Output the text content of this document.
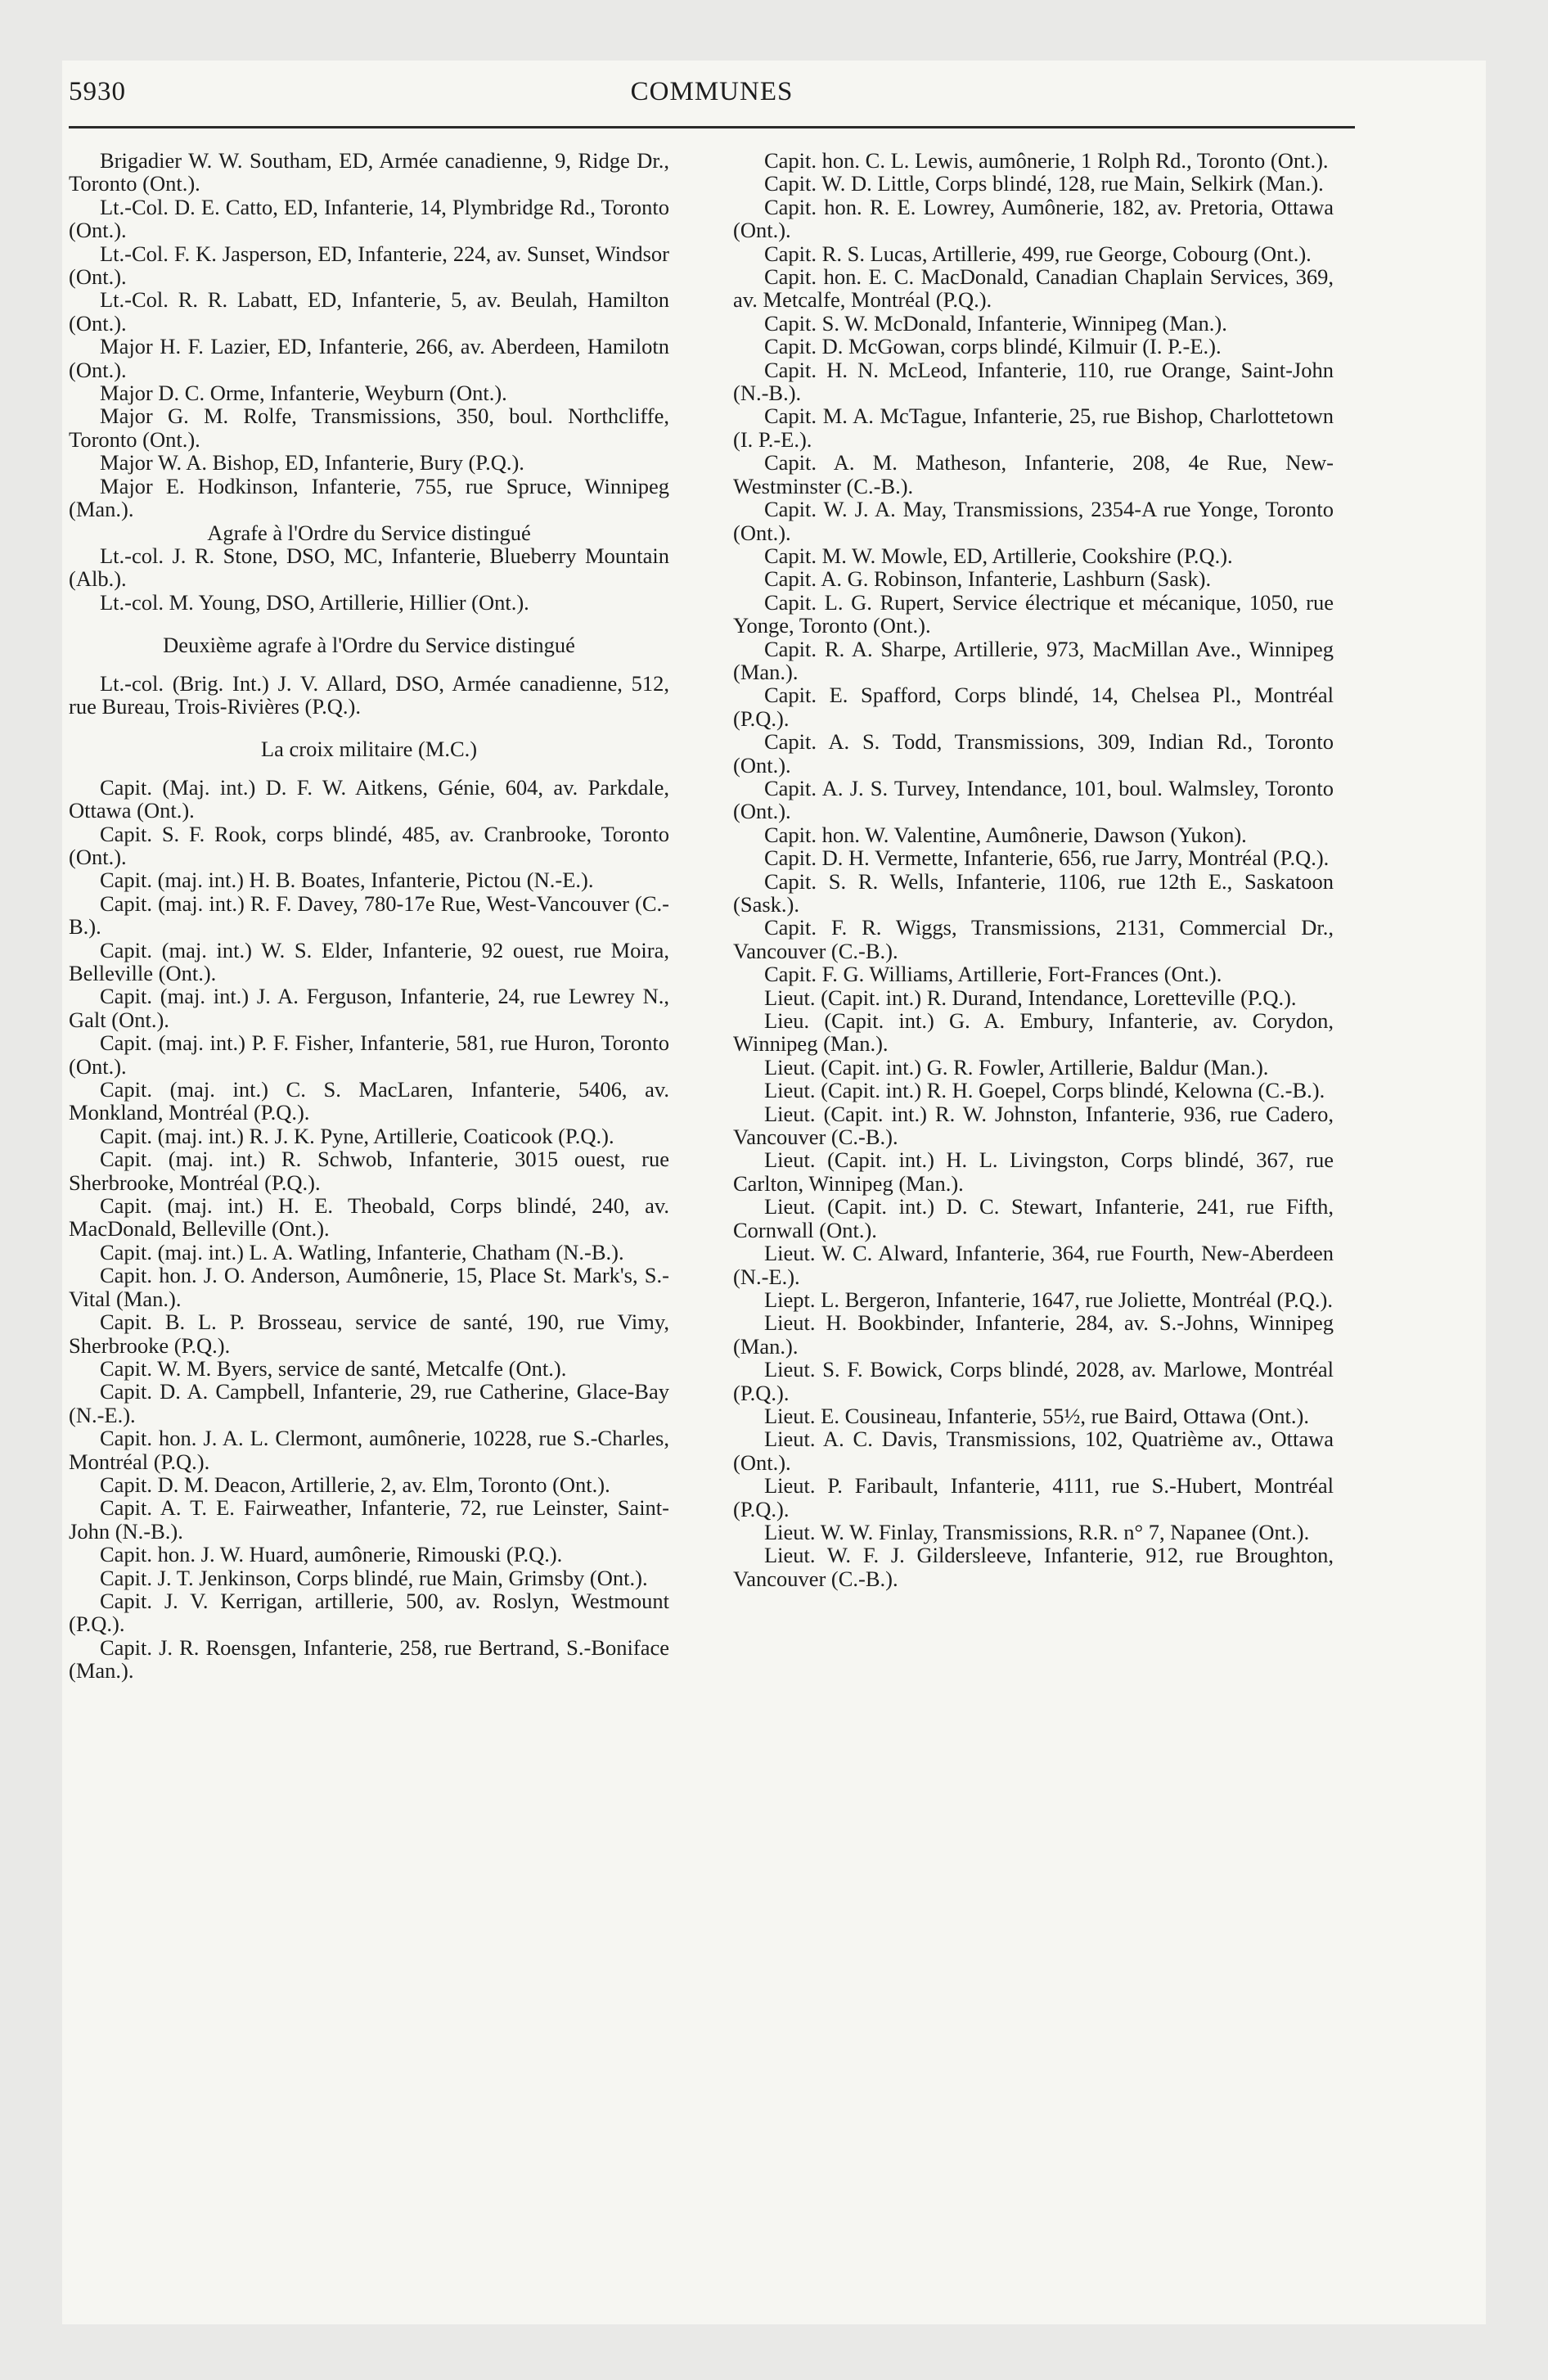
5930	COMMUNES

Brigadier W. W. Southam, ED, Armée canadienne, 9, Ridge Dr., Toronto (Ont.).

Lt.-Col. D. E. Catto, ED, Infanterie, 14, Plymbridge Rd., Toronto (Ont.).

Lt.-Col. F. K. Jasperson, ED, Infanterie, 224, av. Sunset, Windsor (Ont.).

Lt.-Col. R. R. Labatt, ED, Infanterie, 5, av. Beulah, Hamilton (Ont.).

Major H. F. Lazier, ED, Infanterie, 266, av. Aberdeen, Hamilotn (Ont.).

Major D. C. Orme, Infanterie, Weyburn (Ont.).

Major G. M. Rolfe, Transmissions, 350, boul. Northcliffe, Toronto (Ont.).

Major W. A. Bishop, ED, Infanterie, Bury (P.Q.).

Major E. Hodkinson, Infanterie, 755, rue Spruce, Winnipeg (Man.).

Agrafe à l'Ordre du Service distingué

Lt.-col. J. R. Stone, DSO, MC, Infanterie, Blueberry Mountain (Alb.).

Lt.-col. M. Young, DSO, Artillerie, Hillier (Ont.).

Deuxième agrafe à l'Ordre du Service distingué

Lt.-col. (Brig. Int.) J. V. Allard, DSO, Armée canadienne, 512, rue Bureau, Trois-Rivières (P.Q.).

La croix militaire (M.C.)

Capit. (Maj. int.) D. F. W. Aitkens, Génie, 604, av. Parkdale, Ottawa (Ont.).

Capit. S. F. Rook, corps blindé, 485, av. Cranbrooke, Toronto (Ont.).

Capit. (maj. int.) H. B. Boates, Infanterie, Pictou (N.-E.).

Capit. (maj. int.) R. F. Davey, 780-17e Rue, West-Vancouver (C.-B.).

Capit. (maj. int.) W. S. Elder, Infanterie, 92 ouest, rue Moira, Belleville (Ont.).

Capit. (maj. int.) J. A. Ferguson, Infanterie, 24, rue Lewrey N., Galt (Ont.).

Capit. (maj. int.) P. F. Fisher, Infanterie, 581, rue Huron, Toronto (Ont.).

Capit. (maj. int.) C. S. MacLaren, Infanterie, 5406, av. Monkland, Montréal (P.Q.).

Capit. (maj. int.) R. J. K. Pyne, Artillerie, Coaticook (P.Q.).

Capit. (maj. int.) R. Schwob, Infanterie, 3015 ouest, rue Sherbrooke, Montréal (P.Q.).

Capit. (maj. int.) H. E. Theobald, Corps blindé, 240, av. MacDonald, Belleville (Ont.).

Capit. (maj. int.) L. A. Watling, Infanterie, Chatham (N.-B.).

Capit. hon. J. O. Anderson, Aumônerie, 15, Place St. Mark's, S.-Vital (Man.).

Capit. B. L. P. Brosseau, service de santé, 190, rue Vimy, Sherbrooke (P.Q.).

Capit. W. M. Byers, service de santé, Metcalfe (Ont.).

Capit. D. A. Campbell, Infanterie, 29, rue Catherine, Glace-Bay (N.-E.).

Capit. hon. J. A. L. Clermont, aumônerie, 10228, rue S.-Charles, Montréal (P.Q.).

Capit. D. M. Deacon, Artillerie, 2, av. Elm, Toronto (Ont.).

Capit. A. T. E. Fairweather, Infanterie, 72, rue Leinster, Saint-John (N.-B.).

Capit. hon. J. W. Huard, aumônerie, Rimouski (P.Q.).

Capit. J. T. Jenkinson, Corps blindé, rue Main, Grimsby (Ont.).

Capit. J. V. Kerrigan, artillerie, 500, av. Roslyn, Westmount (P.Q.).

Capit. J. R. Roensgen, Infanterie, 258, rue Bertrand, S.-Boniface (Man.).

Capit. hon. C. L. Lewis, aumônerie, 1 Rolph Rd., Toronto (Ont.).

Capit. W. D. Little, Corps blindé, 128, rue Main, Selkirk (Man.).

Capit. hon. R. E. Lowrey, Aumônerie, 182, av. Pretoria, Ottawa (Ont.).

Capit. R. S. Lucas, Artillerie, 499, rue George, Cobourg (Ont.).

Capit. hon. E. C. MacDonald, Canadian Chaplain Services, 369, av. Metcalfe, Montréal (P.Q.).

Capit. S. W. McDonald, Infanterie, Winnipeg (Man.).

Capit. D. McGowan, corps blindé, Kilmuir (I. P.-E.).

Capit. H. N. McLeod, Infanterie, 110, rue Orange, Saint-John (N.-B.).

Capit. M. A. McTague, Infanterie, 25, rue Bishop, Charlottetown (I. P.-E.).

Capit. A. M. Matheson, Infanterie, 208, 4e Rue, New-Westminster (C.-B.).

Capit. W. J. A. May, Transmissions, 2354-A rue Yonge, Toronto (Ont.).

Capit. M. W. Mowle, ED, Artillerie, Cookshire (P.Q.).

Capit. A. G. Robinson, Infanterie, Lashburn (Sask).

Capit. L. G. Rupert, Service électrique et mécanique, 1050, rue Yonge, Toronto (Ont.).

Capit. R. A. Sharpe, Artillerie, 973, MacMillan Ave., Winnipeg (Man.).

Capit. E. Spafford, Corps blindé, 14, Chelsea Pl., Montréal (P.Q.).

Capit. A. S. Todd, Transmissions, 309, Indian Rd., Toronto (Ont.).

Capit. A. J. S. Turvey, Intendance, 101, boul. Walmsley, Toronto (Ont.).

Capit. hon. W. Valentine, Aumônerie, Dawson (Yukon).

Capit. D. H. Vermette, Infanterie, 656, rue Jarry, Montréal (P.Q.).

Capit. S. R. Wells, Infanterie, 1106, rue 12th E., Saskatoon (Sask.).

Capit. F. R. Wiggs, Transmissions, 2131, Commercial Dr., Vancouver (C.-B.).

Capit. F. G. Williams, Artillerie, Fort-Frances (Ont.).

Lieut. (Capit. int.) R. Durand, Intendance, Loretteville (P.Q.).

Lieu. (Capit. int.) G. A. Embury, Infanterie, av. Corydon, Winnipeg (Man.).

Lieut. (Capit. int.) G. R. Fowler, Artillerie, Baldur (Man.).

Lieut. (Capit. int.) R. H. Goepel, Corps blindé, Kelowna (C.-B.).

Lieut. (Capit. int.) R. W. Johnston, Infanterie, 936, rue Cadero, Vancouver (C.-B.).

Lieut. (Capit. int.) H. L. Livingston, Corps blindé, 367, rue Carlton, Winnipeg (Man.).

Lieut. (Capit. int.) D. C. Stewart, Infanterie, 241, rue Fifth, Cornwall (Ont.).

Lieut. W. C. Alward, Infanterie, 364, rue Fourth, New-Aberdeen (N.-E.).

Liept. L. Bergeron, Infanterie, 1647, rue Joliette, Montréal (P.Q.).

Lieut. H. Bookbinder, Infanterie, 284, av. S.-Johns, Winnipeg (Man.).

Lieut. S. F. Bowick, Corps blindé, 2028, av. Marlowe, Montréal (P.Q.).

Lieut. E. Cousineau, Infanterie, 55½, rue Baird, Ottawa (Ont.).

Lieut. A. C. Davis, Transmissions, 102, Quatrième av., Ottawa (Ont.).

Lieut. P. Faribault, Infanterie, 4111, rue S.-Hubert, Montréal (P.Q.).

Lieut. W. W. Finlay, Transmissions, R.R. n° 7, Napanee (Ont.).

Lieut. W. F. J. Gildersleeve, Infanterie, 912, rue Broughton, Vancouver (C.-B.).
